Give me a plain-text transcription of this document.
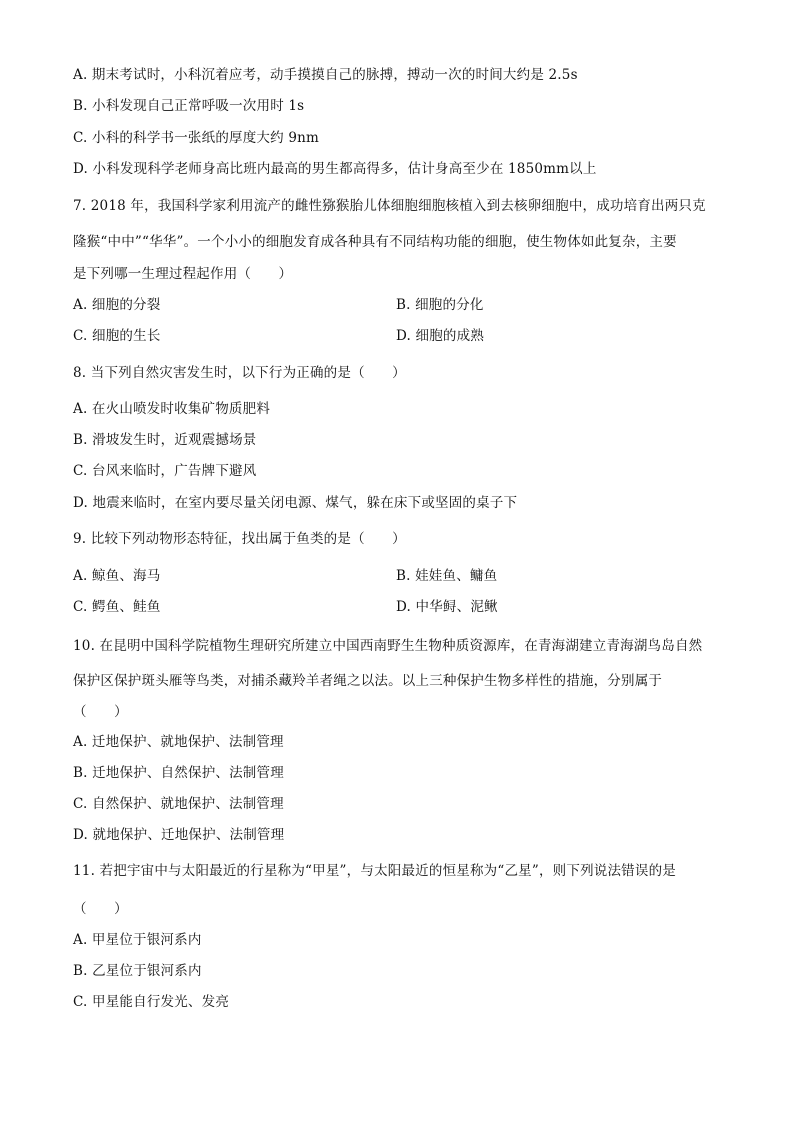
A. 期末考试时，小科沉着应考，动手摸摸自己的脉搏，搏动一次的时间大约是 2.5s
B. 小科发现自己正常呼吸一次用时 1s
C. 小科的科学书一张纸的厚度大约 9nm
D. 小科发现科学老师身高比班内最高的男生都高得多，估计身高至少在 1850mm以上
7. 2018 年，我国科学家利用流产的雌性猕猴胎儿体细胞细胞核植入到去核卵细胞中，成功培育出两只克
隆猴“中中”“华华”。一个小小的细胞发育成各种具有不同结构功能的细胞，使生物体如此复杂，主要
是下列哪一生理过程起作用（　　）
A. 细胞的分裂	B. 细胞的分化
C. 细胞的生长	D. 细胞的成熟
8. 当下列自然灾害发生时，以下行为正确的是（　　）
A. 在火山喷发时收集矿物质肥料
B. 滑坡发生时，近观震撼场景
C. 台风来临时，广告牌下避风
D. 地震来临时，在室内要尽量关闭电源、煤气，躲在床下或坚固的桌子下
9. 比较下列动物形态特征，找出属于鱼类的是（　　）
A. 鲸鱼、海马	B. 娃娃鱼、鳙鱼
C. 鳄鱼、鲑鱼	D. 中华鲟、泥鳅
10. 在昆明中国科学院植物生理研究所建立中国西南野生生物种质资源库，在青海湖建立青海湖鸟岛自然
保护区保护斑头雁等鸟类，对捕杀藏羚羊者绳之以法。以上三种保护生物多样性的措施，分别属于
（　　）
A. 迁地保护、就地保护、法制管理
B. 迁地保护、自然保护、法制管理
C. 自然保护、就地保护、法制管理
D. 就地保护、迁地保护、法制管理
11. 若把宇宙中与太阳最近的行星称为“甲星”，与太阳最近的恒星称为“乙星”，则下列说法错误的是
（　　）
A. 甲星位于银河系内
B. 乙星位于银河系内
C. 甲星能自行发光、发亮
